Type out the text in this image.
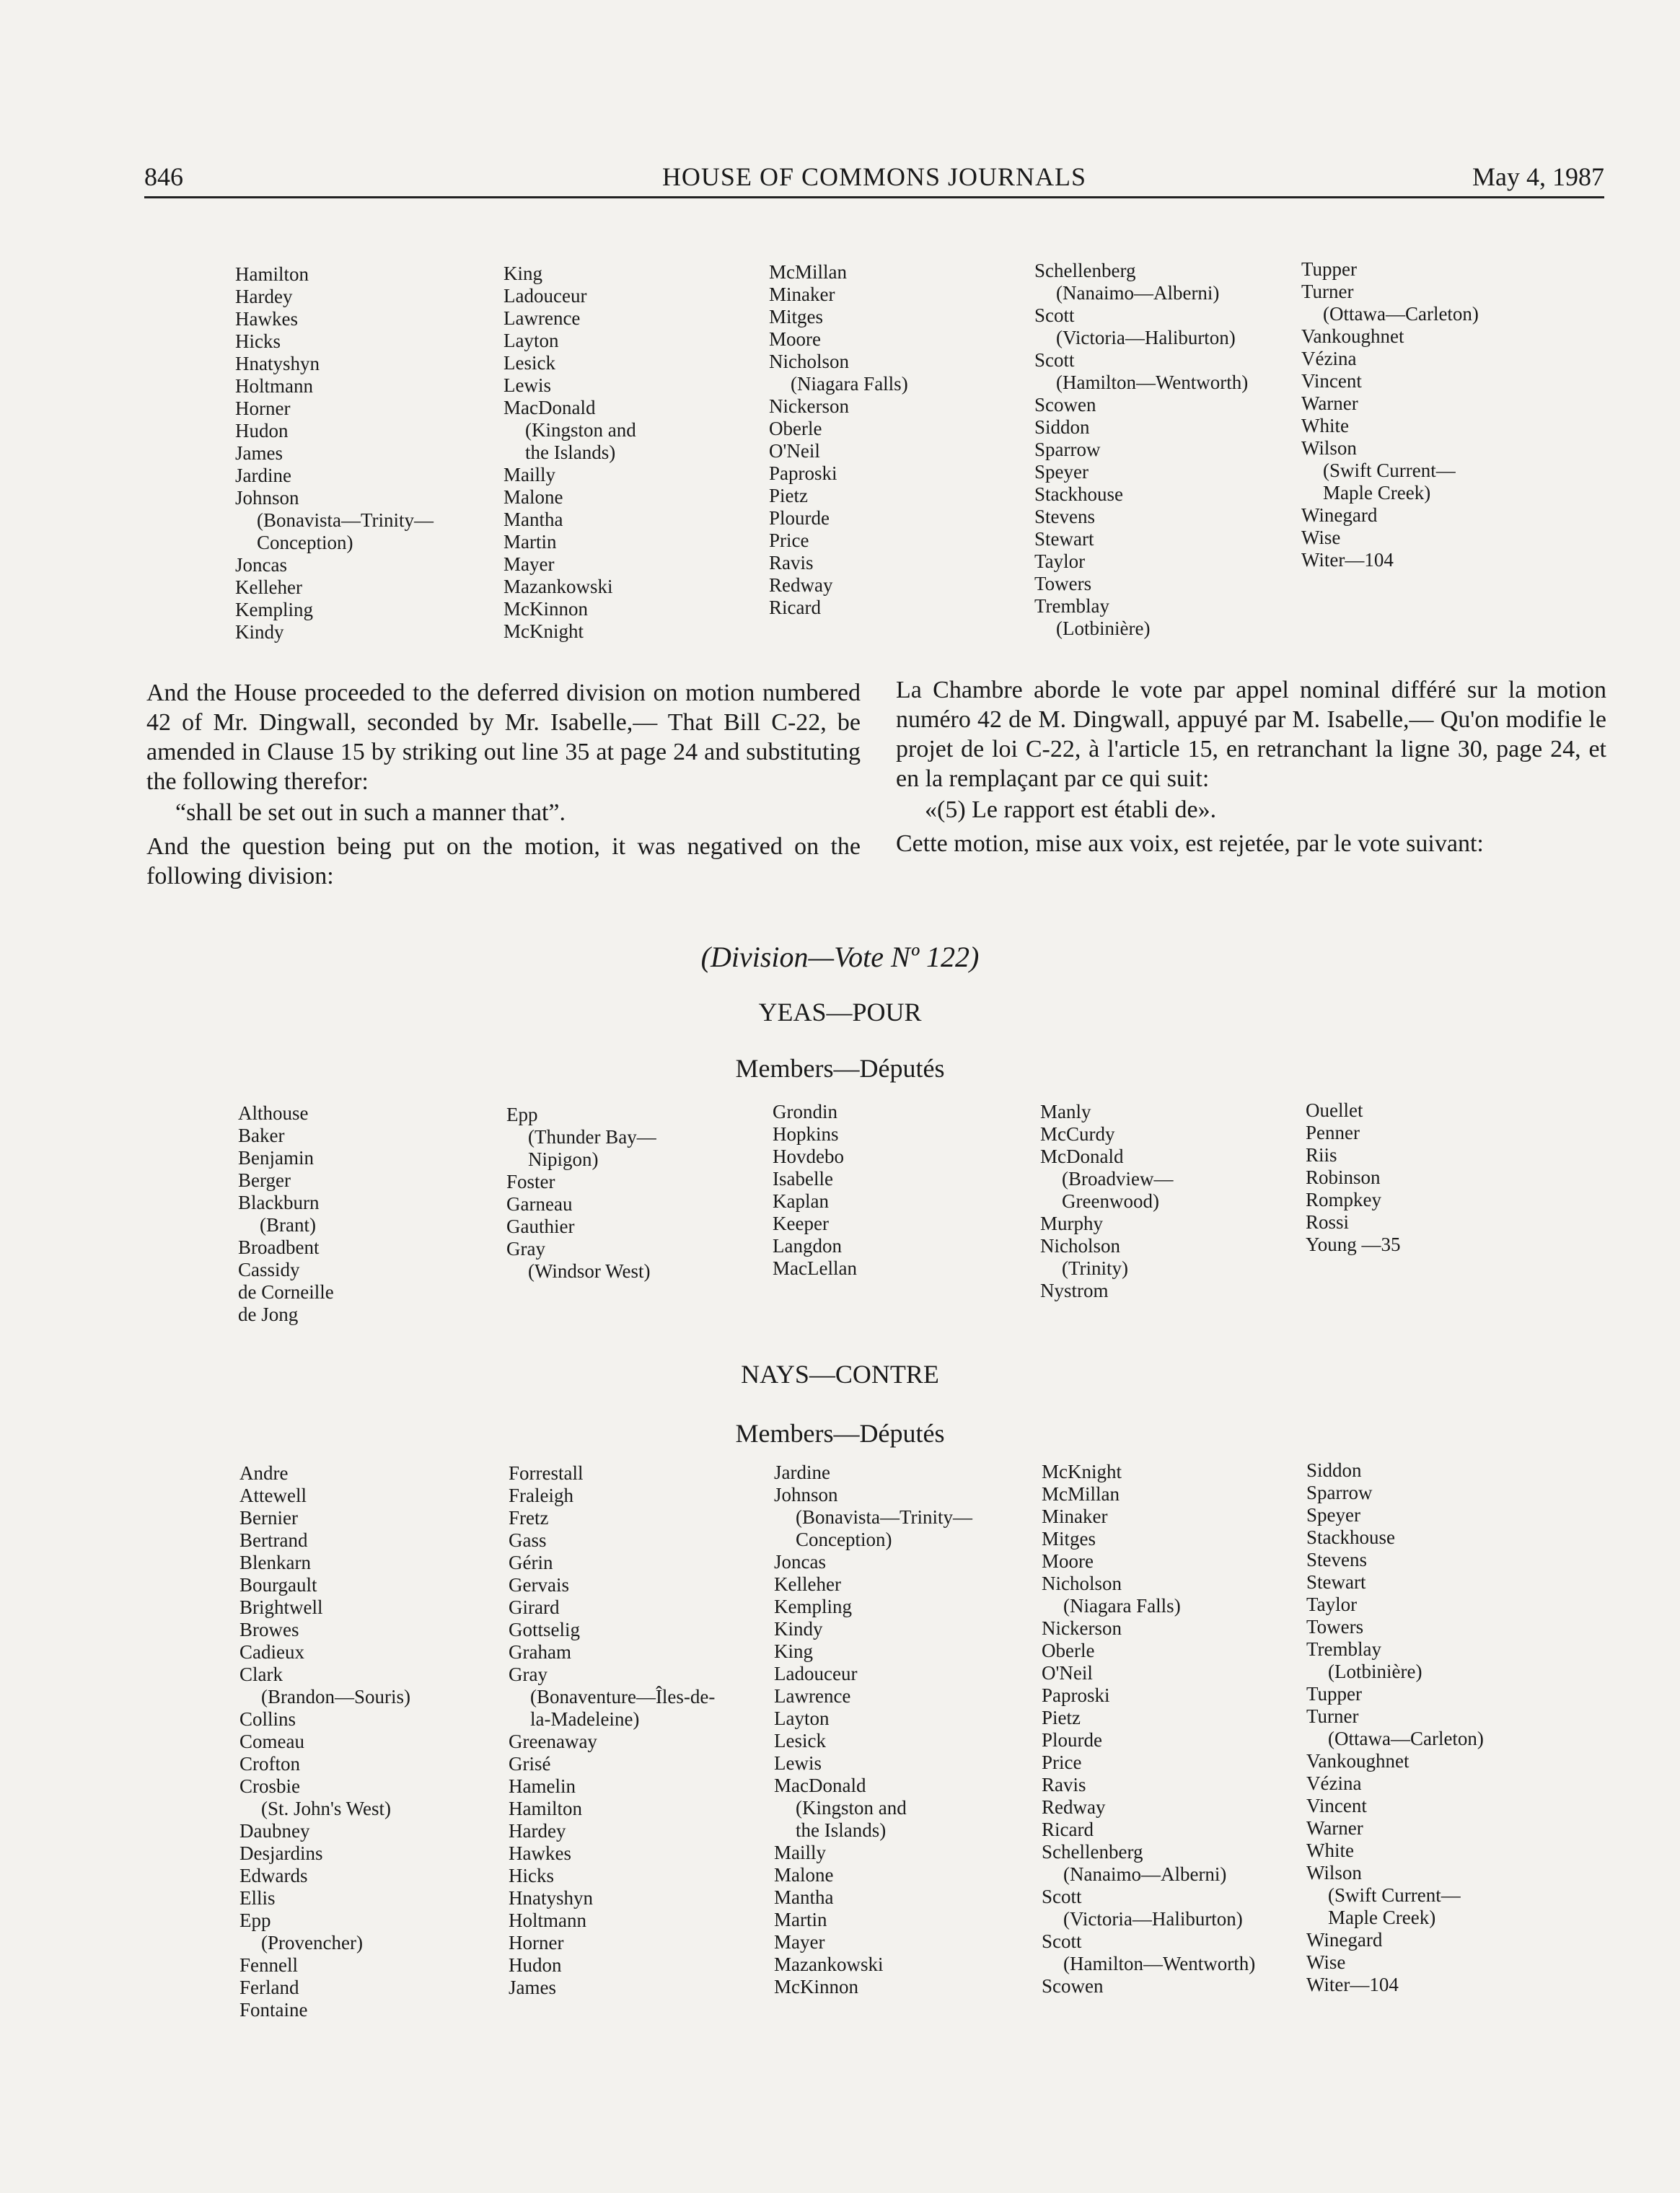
846	HOUSE OF COMMONS JOURNALS	May 4, 1987
Hamilton
Hardey
Hawkes
Hicks
Hnatyshyn
Holtmann
Horner
Hudon
James
Jardine
Johnson
(Bonavista—Trinity—
Conception)
Joncas
Kelleher
Kempling
Kindy
King
Ladouceur
Lawrence
Layton
Lesick
Lewis
MacDonald
(Kingston and
the Islands)
Mailly
Malone
Mantha
Martin
Mayer
Mazankowski
McKinnon
McKnight
McMillan
Minaker
Mitges
Moore
Nicholson
(Niagara Falls)
Nickerson
Oberle
O'Neil
Paproski
Pietz
Plourde
Price
Ravis
Redway
Ricard
Schellenberg
(Nanaimo—Alberni)
Scott
(Victoria—Haliburton)
Scott
(Hamilton—Wentworth)
Scowen
Siddon
Sparrow
Speyer
Stackhouse
Stevens
Stewart
Taylor
Towers
Tremblay
(Lotbinière)
Tupper
Turner
(Ottawa—Carleton)
Vankoughnet
Vézina
Vincent
Warner
White
Wilson
(Swift Current—
Maple Creek)
Winegard
Wise
Witer—104

And the House proceeded to the deferred division on motion numbered 42 of Mr. Dingwall, seconded by Mr. Isabelle,— That Bill C-22, be amended in Clause 15 by striking out line 35 at page 24 and substituting the following therefor:

“shall be set out in such a manner that”.

And the question being put on the motion, it was negatived on the following division:

La Chambre aborde le vote par appel nominal différé sur la motion numéro 42 de M. Dingwall, appuyé par M. Isabelle,— Qu'on modifie le projet de loi C-22, à l'article 15, en retranchant la ligne 30, page 24, et en la remplaçant par ce qui suit:

«(5) Le rapport est établi de».

Cette motion, mise aux voix, est rejetée, par le vote suivant:

(Division—Vote Nº 122)
YEAS—POUR
Members—Députés
Althouse
Baker
Benjamin
Berger
Blackburn
(Brant)
Broadbent
Cassidy
de Corneille
de Jong
Epp
(Thunder Bay—
Nipigon)
Foster
Garneau
Gauthier
Gray
(Windsor West)
Grondin
Hopkins
Hovdebo
Isabelle
Kaplan
Keeper
Langdon
MacLellan
Manly
McCurdy
McDonald
(Broadview—
Greenwood)
Murphy
Nicholson
(Trinity)
Nystrom
Ouellet
Penner
Riis
Robinson
Rompkey
Rossi
Young —35
NAYS—CONTRE
Members—Députés
Andre
Attewell
Bernier
Bertrand
Blenkarn
Bourgault
Brightwell
Browes
Cadieux
Clark
(Brandon—Souris)
Collins
Comeau
Crofton
Crosbie
(St. John's West)
Daubney
Desjardins
Edwards
Ellis
Epp
(Provencher)
Fennell
Ferland
Fontaine
Forrestall
Fraleigh
Fretz
Gass
Gérin
Gervais
Girard
Gottselig
Graham
Gray
(Bonaventure—Îles-de-
la-Madeleine)
Greenaway
Grisé
Hamelin
Hamilton
Hardey
Hawkes
Hicks
Hnatyshyn
Holtmann
Horner
Hudon
James
Jardine
Johnson
(Bonavista—Trinity—
Conception)
Joncas
Kelleher
Kempling
Kindy
King
Ladouceur
Lawrence
Layton
Lesick
Lewis
MacDonald
(Kingston and
the Islands)
Mailly
Malone
Mantha
Martin
Mayer
Mazankowski
McKinnon
McKnight
McMillan
Minaker
Mitges
Moore
Nicholson
(Niagara Falls)
Nickerson
Oberle
O'Neil
Paproski
Pietz
Plourde
Price
Ravis
Redway
Ricard
Schellenberg
(Nanaimo—Alberni)
Scott
(Victoria—Haliburton)
Scott
(Hamilton—Wentworth)
Scowen
Siddon
Sparrow
Speyer
Stackhouse
Stevens
Stewart
Taylor
Towers
Tremblay
(Lotbinière)
Tupper
Turner
(Ottawa—Carleton)
Vankoughnet
Vézina
Vincent
Warner
White
Wilson
(Swift Current—
Maple Creek)
Winegard
Wise
Witer—104
